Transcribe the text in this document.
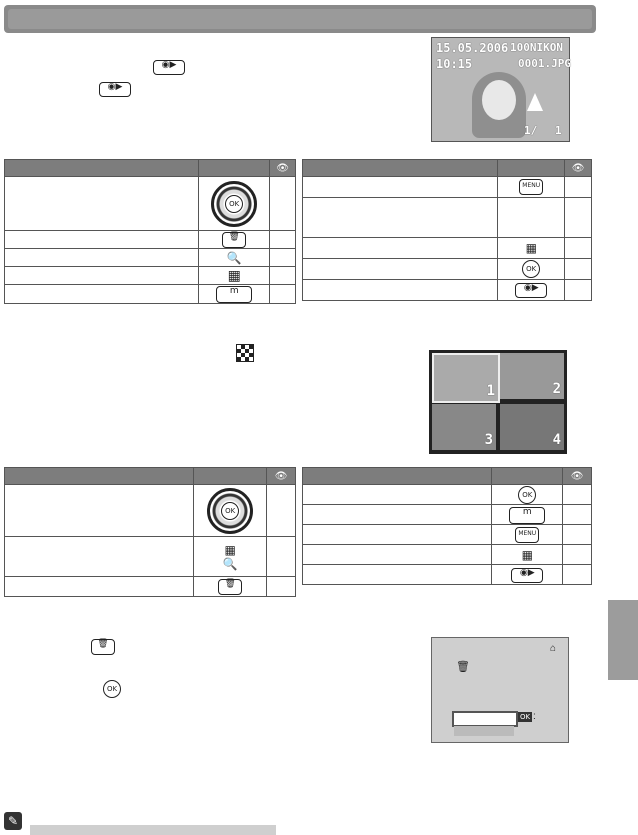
◉▶
◉▶
15.05.2006
10:15
100NIKON
0001.JPG
1/ 1
		👁

	OK	

	🗑	
	🔍	
	▦	
	m	
		👁
	MENU	

	▦	
	OK	
	◉▶	
1	2
3	4
		👁

	OK	

	▦
🔍	

	🗑	
		👁
	OK	
	m	
	MENU	
	▦	
	◉▶	
🗑
OK
⌂
🗑
OK :
✎
